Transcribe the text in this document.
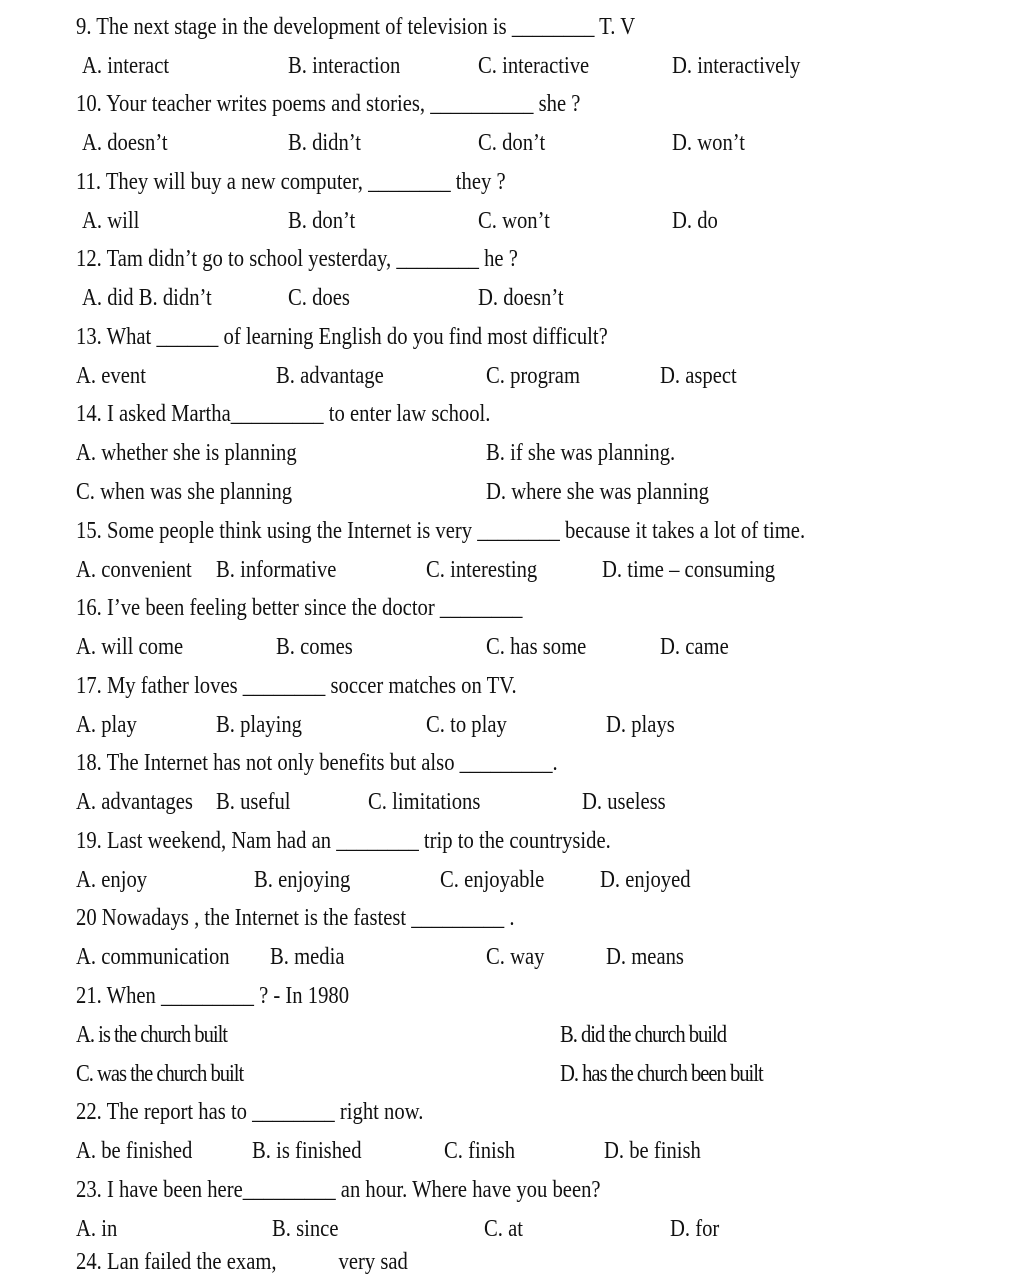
9. The next stage in the development of television is ________ T. V
A. interact	B. interaction	C. interactive	D. interactively
10. Your teacher writes poems and stories, __________ she ?
A. doesn’t	B. didn’t	C. don’t	D. won’t
11. They will buy a new computer, ________ they ?
A. will	B. don’t	C. won’t	D. do
12. Tam didn’t go to school yesterday, ________ he ?
A. did B. didn’t	C. does	D. doesn’t
13. What ______ of learning English do you find most difficult?
A. event	B. advantage	C. program	D. aspect
14. I asked Martha_________ to enter law school.
A. whether she is planning	B. if she was planning.
C. when was she planning	D. where she was planning
15. Some people think using the Internet is very ________ because it takes a lot of time.
A. convenient B. informative	C. interesting	D. time – consuming
16. I’ve been feeling better since the doctor ________
A. will come	B. comes	C. has some	D. came
17. My father loves ________ soccer matches on TV.
A. play	B. playing	C. to play	D. plays
18. The Internet has not only benefits but also _________.
A. advantages B. useful	C. limitations	D. useless
19. Last weekend, Nam had an ________ trip to the countryside.
A. enjoy	B. enjoying	C. enjoyable D. enjoyed
20 Nowadays , the Internet is the fastest _________ .
A. communication B. media	C. way	D. means
21. When _________ ? - In 1980
A. is the church built	B. did the church build
C. was the church built	D. has the church been built
22. The report has to ________ right now.
A. be finished B. is finished	C. finish	D. be finish
23. I have been here_________ an hour. Where have you been?
A. in	B. since	C. at	D. for
24. Lan failed the exam,            very sad
